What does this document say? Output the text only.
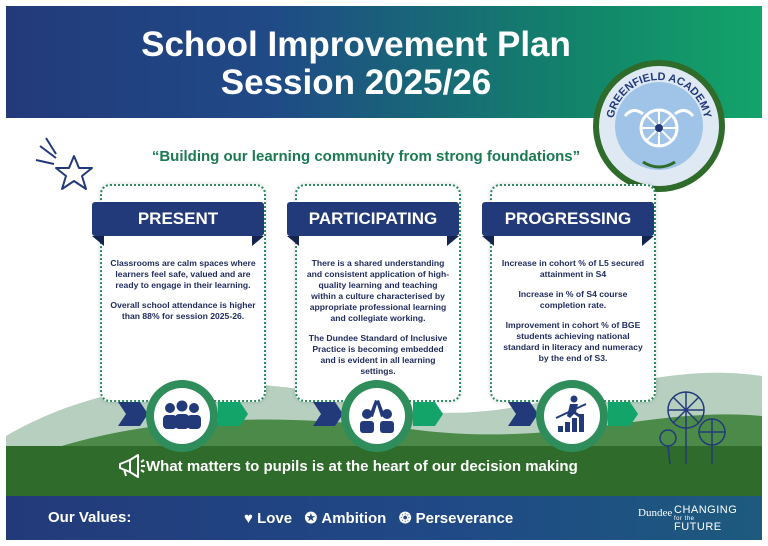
School Improvement Plan
Session 2025/26
GREENFIELD ACADEMY
“Building our learning community from strong foundations”

Classrooms are calm spaces where learners feel safe, valued and are ready to engage in their learning.

Overall school attendance is higher than 88% for session 2025-26.

There is a shared understanding and consistent application of high-quality learning and teaching within a culture characterised by appropriate professional learning and collegiate working.

The Dundee Standard of Inclusive Practice is becoming embedded and is evident in all learning settings.

Increase in cohort % of L5 secured attainment in S4

Increase in % of S4 course completion rate.

Improvement in cohort % of BGE students achieving national standard in literacy and numeracy by the end of S3.

PRESENT	PARTICIPATING	PROGRESSING
What matters to pupils is at the heart of our decision making
Our Values:	♥ Love ✪ Ambition ❂ Perseverance	Dundee CHANGING
for the
FUTURE
